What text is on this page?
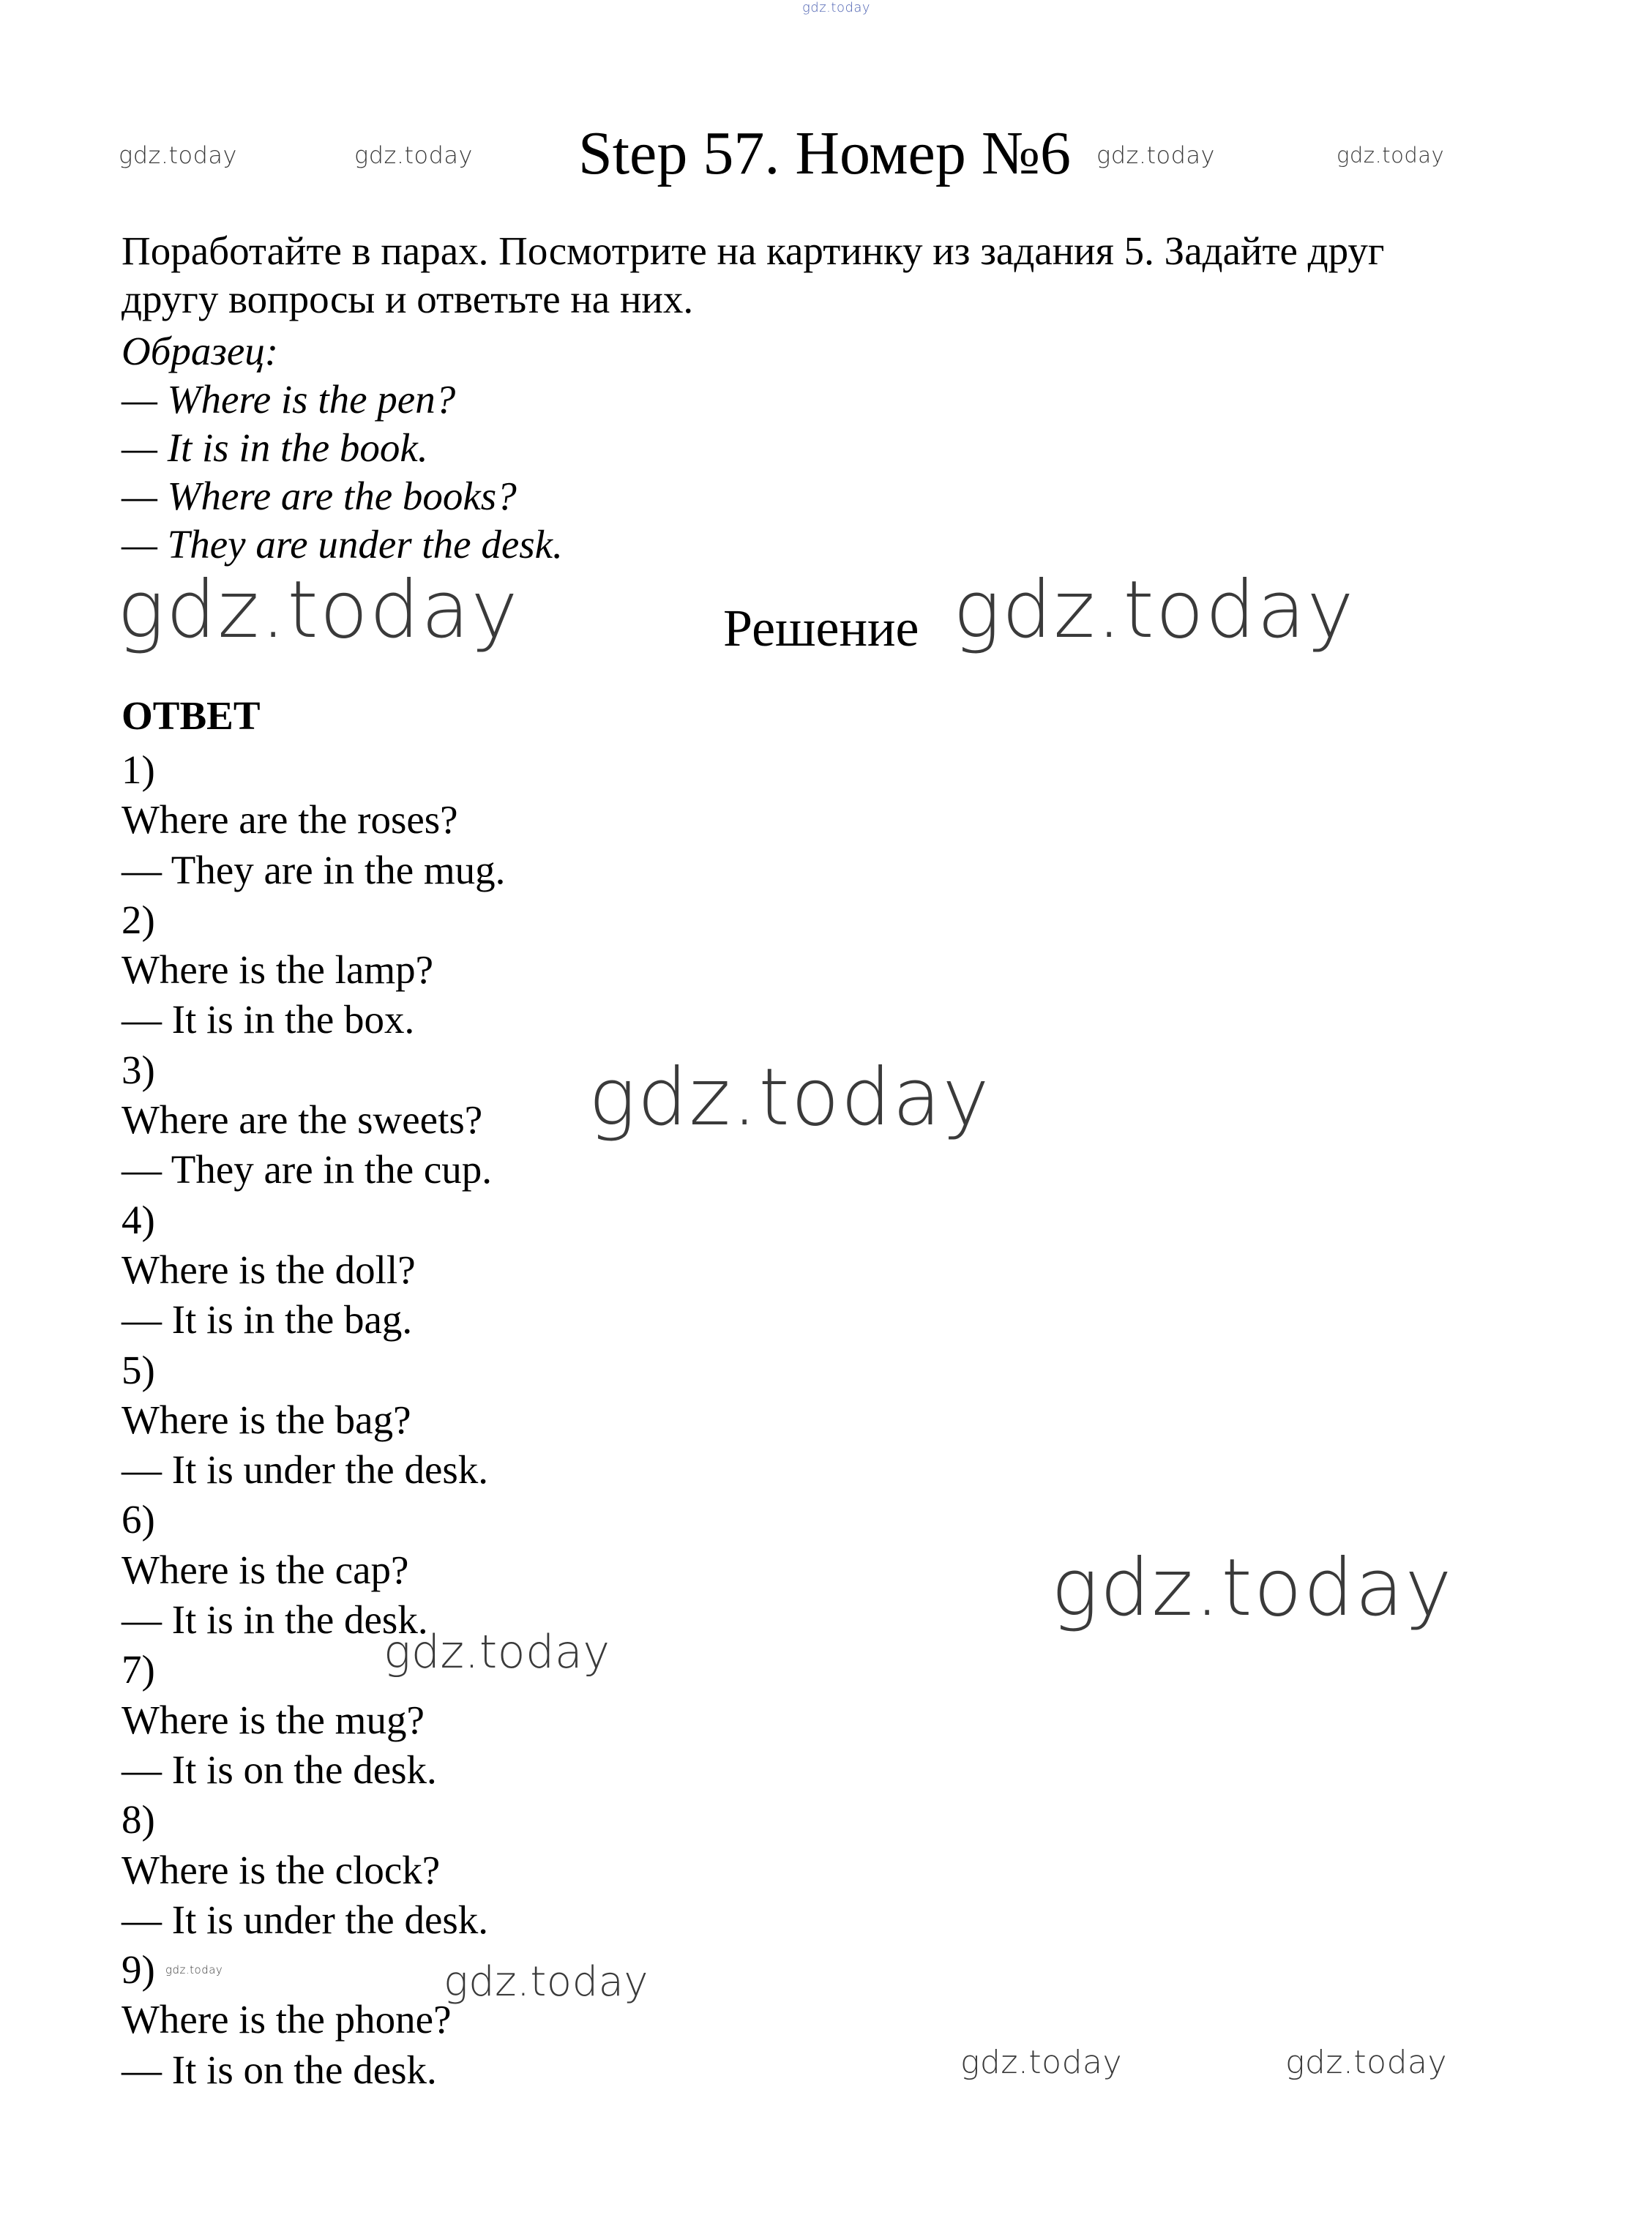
gdz.today
gdz.today	gdz.today	gdz.today	gdz.today
Step 57. Номер №6
Поработайте в парах. Посмотрите на картинку из задания 5. Задайте друг другу вопросы и ответьте на них.
Образец:
— Where is the pen?
— It is in the book.
— Where are the books?
— They are under the desk.
gdz.today	Решение gdz.today
ОТВЕТ
1)
Where are the roses?
— They are in the mug.
2)
Where is the lamp?
— It is in the box.
3)
Where are the sweets?
— They are in the cup.
4)
Where is the doll?
— It is in the bag.
5)
Where is the bag?
— It is under the desk.
6)
Where is the cap?
— It is in the desk.
7)
Where is the mug?
— It is on the desk.
8)
Where is the clock?
— It is under the desk.
9)
Where is the phone?
— It is on the desk.
gdz.today
gdz.today
gdz.today
gdz.today	gdz.today
gdz.today	gdz.today
